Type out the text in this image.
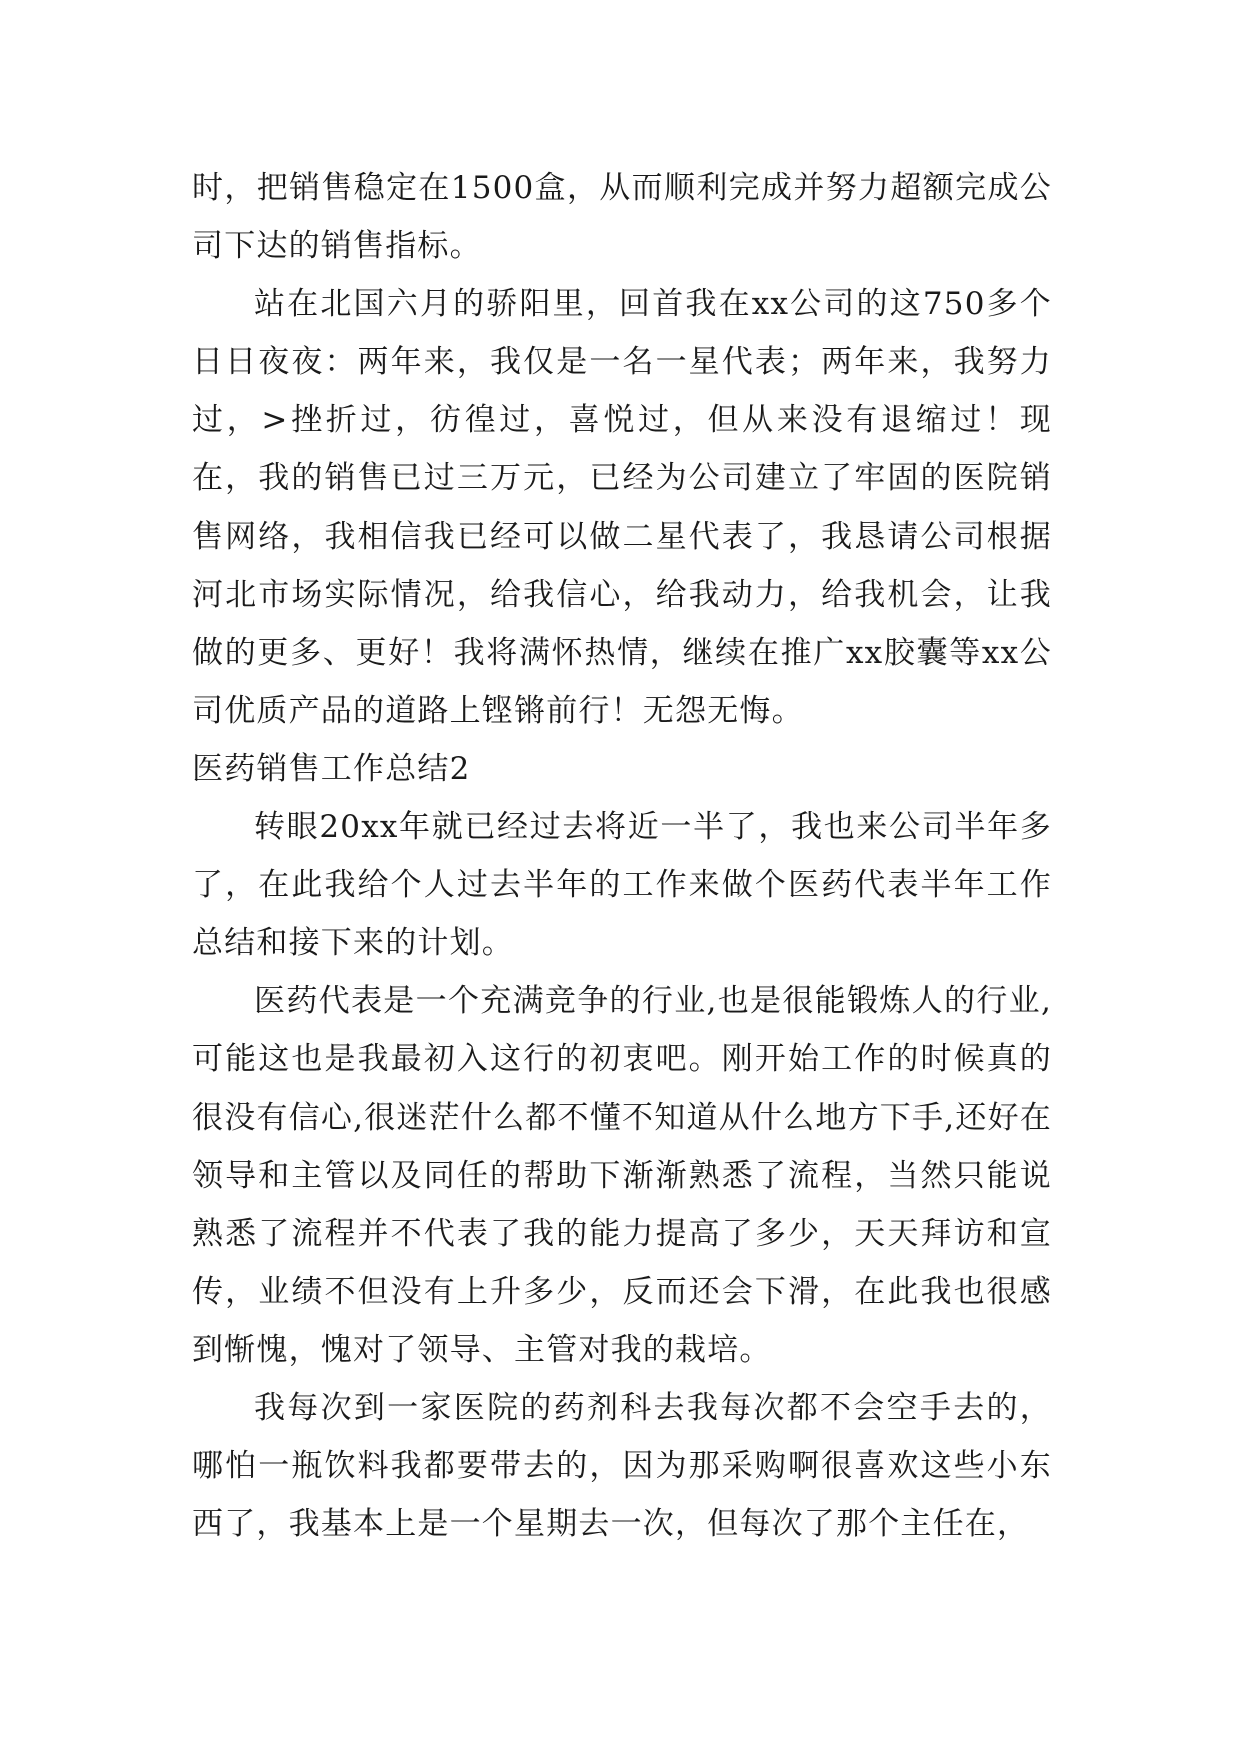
时，把销售稳定在1500盒，从而顺利完成并努力超额完成公司下达的销售指标。

站在北国六月的骄阳里，回首我在xx公司的这750多个日日夜夜：两年来，我仅是一名一星代表；两年来，我努力过，>挫折过，彷徨过，喜悦过，但从来没有退缩过！现在，我的销售已过三万元，已经为公司建立了牢固的医院销售网络，我相信我已经可以做二星代表了，我恳请公司根据河北市场实际情况，给我信心，给我动力，给我机会，让我做的更多、更好！我将满怀热情，继续在推广xx胶囊等xx公司优质产品的道路上铿锵前行！无怨无悔。

医药销售工作总结2

转眼20xx年就已经过去将近一半了，我也来公司半年多了，在此我给个人过去半年的工作来做个医药代表半年工作总结和接下来的计划。

医药代表是一个充满竞争的行业,也是很能锻炼人的行业,可能这也是我最初入这行的初衷吧。刚开始工作的时候真的很没有信心,很迷茫什么都不懂不知道从什么地方下手,还好在领导和主管以及同任的帮助下渐渐熟悉了流程，当然只能说熟悉了流程并不代表了我的能力提高了多少，天天拜访和宣传，业绩不但没有上升多少，反而还会下滑，在此我也很感到惭愧，愧对了领导、主管对我的栽培。

我每次到一家医院的药剂科去我每次都不会空手去的，哪怕一瓶饮料我都要带去的，因为那采购啊很喜欢这些小东西了，我基本上是一个星期去一次，但每次了那个主任在，
